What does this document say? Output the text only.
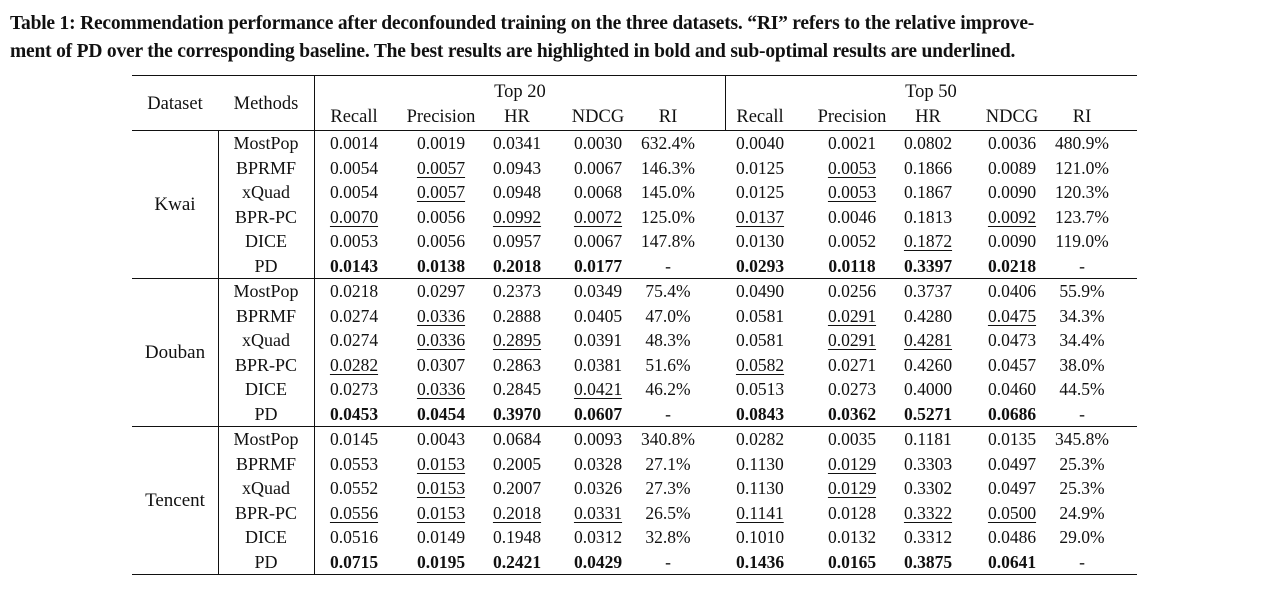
Table 1: Recommendation performance after deconfounded training on the three datasets. “RI” refers to the relative improve-
ment of PD over the corresponding baseline. The best results are highlighted in bold and sub-optimal results are underlined.
Dataset	Methods
Top 20	Top 50
Recall	Precision	HR	NDCG	RI	Recall	Precision	HR	NDCG	RI
Kwai
MostPop	0.0014	0.0019	0.0341	0.0030	632.4%	0.0040	0.0021	0.0802	0.0036	480.9%
BPRMF	0.0054	0.0057	0.0943	0.0067	146.3%	0.0125	0.0053	0.1866	0.0089	121.0%
xQuad	0.0054	0.0057	0.0948	0.0068	145.0%	0.0125	0.0053	0.1867	0.0090	120.3%
BPR-PC	0.0070	0.0056	0.0992	0.0072	125.0%	0.0137	0.0046	0.1813	0.0092	123.7%
DICE	0.0053	0.0056	0.0957	0.0067	147.8%	0.0130	0.0052	0.1872	0.0090	119.0%
PD	0.0143	0.0138	0.2018	0.0177	-	0.0293	0.0118	0.3397	0.0218	-
Douban
MostPop	0.0218	0.0297	0.2373	0.0349	75.4%	0.0490	0.0256	0.3737	0.0406	55.9%
BPRMF	0.0274	0.0336	0.2888	0.0405	47.0%	0.0581	0.0291	0.4280	0.0475	34.3%
xQuad	0.0274	0.0336	0.2895	0.0391	48.3%	0.0581	0.0291	0.4281	0.0473	34.4%
BPR-PC	0.0282	0.0307	0.2863	0.0381	51.6%	0.0582	0.0271	0.4260	0.0457	38.0%
DICE	0.0273	0.0336	0.2845	0.0421	46.2%	0.0513	0.0273	0.4000	0.0460	44.5%
PD	0.0453	0.0454	0.3970	0.0607	-	0.0843	0.0362	0.5271	0.0686	-
Tencent
MostPop	0.0145	0.0043	0.0684	0.0093	340.8%	0.0282	0.0035	0.1181	0.0135	345.8%
BPRMF	0.0553	0.0153	0.2005	0.0328	27.1%	0.1130	0.0129	0.3303	0.0497	25.3%
xQuad	0.0552	0.0153	0.2007	0.0326	27.3%	0.1130	0.0129	0.3302	0.0497	25.3%
BPR-PC	0.0556	0.0153	0.2018	0.0331	26.5%	0.1141	0.0128	0.3322	0.0500	24.9%
DICE	0.0516	0.0149	0.1948	0.0312	32.8%	0.1010	0.0132	0.3312	0.0486	29.0%
PD	0.0715	0.0195	0.2421	0.0429	-	0.1436	0.0165	0.3875	0.0641	-
